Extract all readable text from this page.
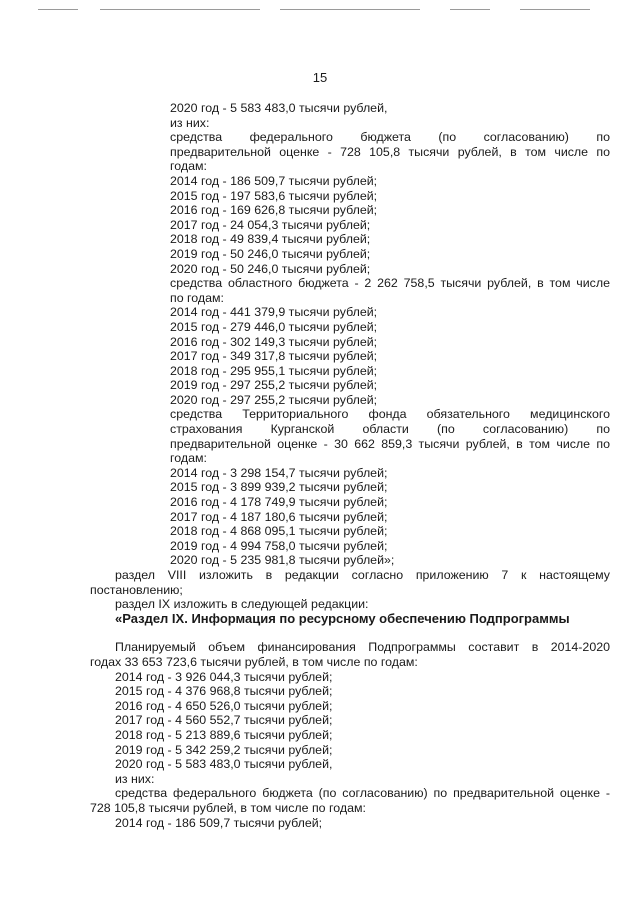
15
2020 год - 5 583 483,0 тысячи рублей,
из них:
средства федерального бюджета (по согласованию) по
предварительной оценке - 728 105,8 тысячи рублей, в том числе по
годам:
2014 год - 186 509,7 тысячи рублей;
2015 год - 197 583,6 тысячи рублей;
2016 год - 169 626,8 тысячи рублей;
2017 год - 24 054,3 тысячи рублей;
2018 год - 49 839,4 тысячи рублей;
2019 год - 50 246,0 тысячи рублей;
2020 год - 50 246,0 тысячи рублей;
средства областного бюджета - 2 262 758,5 тысячи рублей, в том числе
по годам:
2014 год - 441 379,9 тысячи рублей;
2015 год - 279 446,0 тысячи рублей;
2016 год - 302 149,3 тысячи рублей;
2017 год - 349 317,8 тысячи рублей;
2018 год - 295 955,1 тысячи рублей;
2019 год - 297 255,2 тысячи рублей;
2020 год - 297 255,2 тысячи рублей;
средства Территориального фонда обязательного медицинского
страхования Курганской области (по согласованию) по
предварительной оценке - 30 662 859,3 тысячи рублей, в том числе по
годам:
2014 год - 3 298 154,7 тысячи рублей;
2015 год - 3 899 939,2 тысячи рублей;
2016 год - 4 178 749,9 тысячи рублей;
2017 год - 4 187 180,6 тысячи рублей;
2018 год - 4 868 095,1 тысячи рублей;
2019 год - 4 994 758,0 тысячи рублей;
2020 год - 5 235 981,8 тысячи рублей»;
раздел VIII изложить в редакции согласно приложению 7 к настоящему
постановлению;
раздел IX изложить в следующей редакции:
«Раздел IX. Информация по ресурсному обеспечению Подпрограммы
Планируемый объем финансирования Подпрограммы составит в 2014-2020
годах 33 653 723,6 тысячи рублей, в том числе по годам:
2014 год - 3 926 044,3 тысячи рублей;
2015 год - 4 376 968,8 тысячи рублей;
2016 год - 4 650 526,0 тысячи рублей;
2017 год - 4 560 552,7 тысячи рублей;
2018 год - 5 213 889,6 тысячи рублей;
2019 год - 5 342 259,2 тысячи рублей;
2020 год - 5 583 483,0 тысячи рублей,
из них:
средства федерального бюджета (по согласованию) по предварительной оценке -
728 105,8 тысячи рублей, в том числе по годам:
2014 год - 186 509,7 тысячи рублей;
